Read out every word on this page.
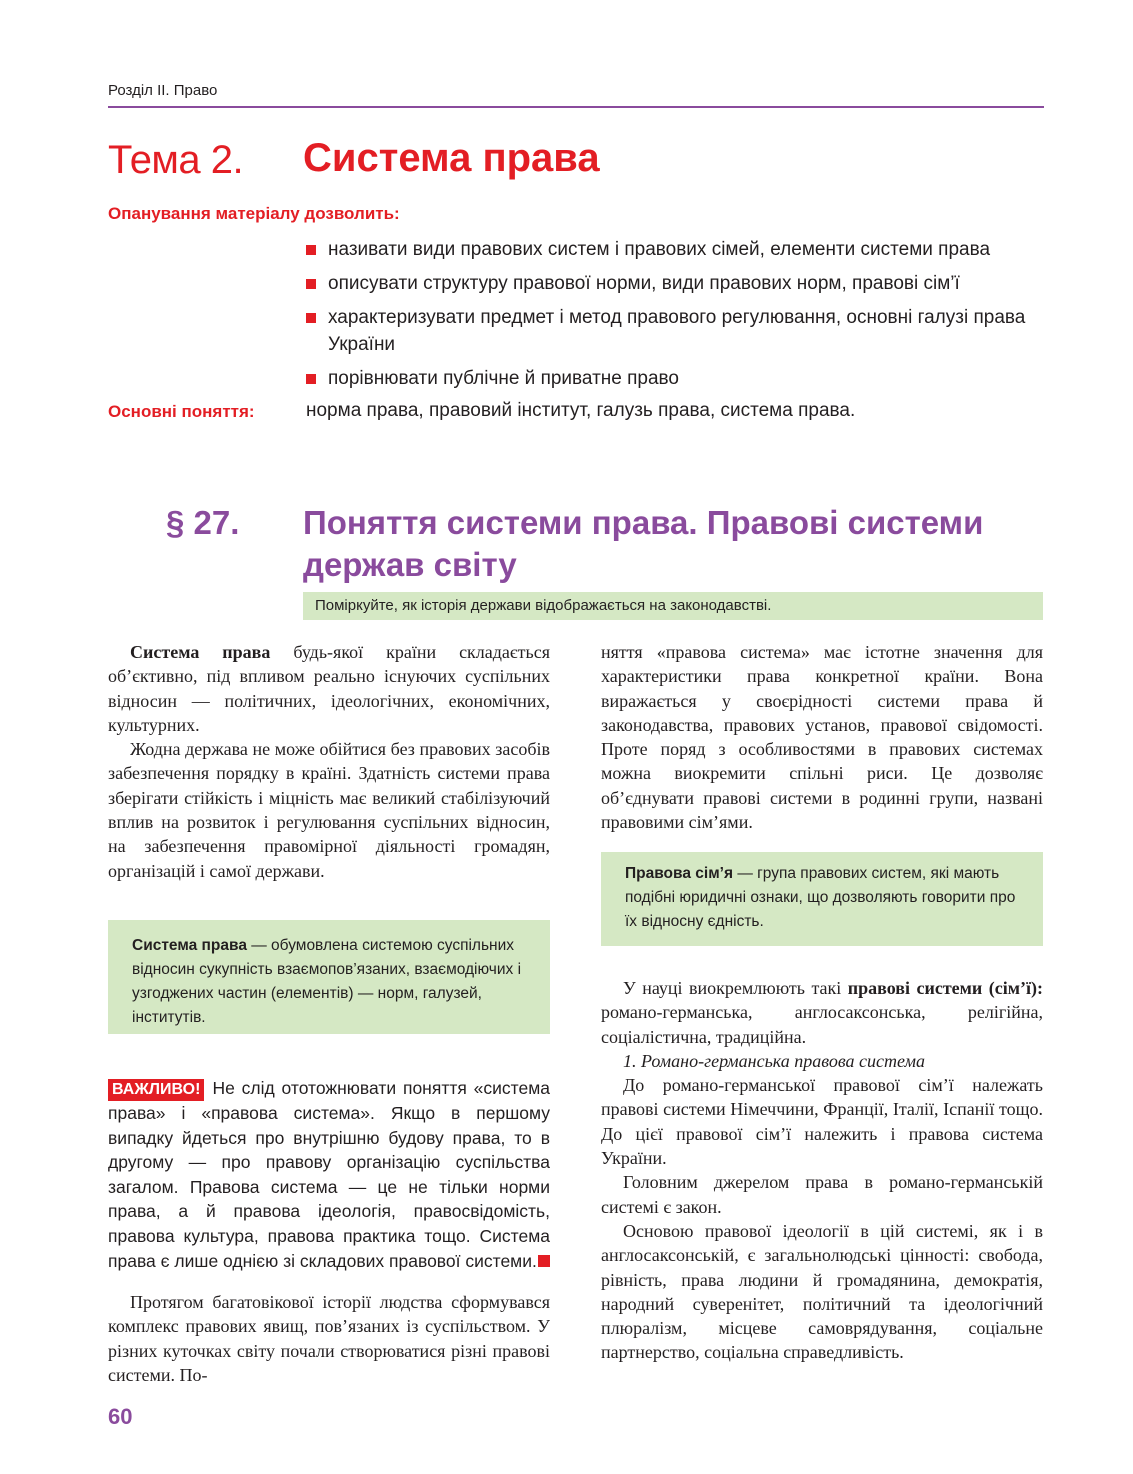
Розділ ІІ. Право
Тема 2. Система права
Опанування матеріалу дозволить:
називати види правових систем і правових сімей, елементи системи права
описувати структуру правової норми, види правових норм, правові сім’ї
характеризувати предмет і метод правового регулювання, основні галузі права України
порівнювати публічне й приватне право
Основні поняття:	норма права, правовий інститут, галузь права, система права.
§ 27. Поняття системи права. Правові системи держав світу
Поміркуйте, як історія держави відображається на законодавстві.

Система права будь-якої країни складається об’єктивно, під впливом реально існуючих суспільних відносин — політичних, ідеологічних, економічних, культурних.

Жодна держава не може обійтися без правових засобів забезпечення порядку в країні. Здатність системи права зберігати стійкість і міцність має великий стабілізуючий вплив на розвиток і регулювання суспільних відносин, на забезпечення правомірної діяльності громадян, організацій і самої держави.

Система права — обумовлена системою суспільних відносин сукупність взаємопов’язаних, взаємодіючих і узгоджених частин (елементів) — норм, галузей, інститутів.
ВАЖЛИВО! Не слід ототожнювати поняття «система права» і «правова система». Якщо в першому випадку йдеться про внутрішню будову права, то в другому — про правову організацію суспільства загалом. Правова система — це не тільки норми права, а й правова ідеологія, правосвідомість, правова культура, правова практика тощо. Система права є лише однією зі складових правової системи.

Протягом багатовікової історії людства сформувався комплекс правових явищ, пов’язаних із суспільством. У різних куточках світу почали створюватися різні правові системи. По-

няття «правова система» має істотне значення для характеристики права конкретної країни. Вона виражається у своєрідності системи права й законодавства, правових установ, правової свідомості. Проте поряд з особливостями в правових системах можна виокремити спільні риси. Це дозволяє об’єднувати правові системи в родинні групи, названі правовими сім’ями.

Правова сім’я — група правових систем, які мають подібні юридичні ознаки, що дозволяють говорити про їх відносну єдність.

У науці виокремлюють такі правові системи (сім’ї): романо-германська, англосаксонська, релігійна, соціалістична, традиційна.

1. Романо-германська правова система

До романо-германської правової сім’ї належать правові системи Німеччини, Франції, Італії, Іспанії тощо. До цієї правової сім’ї належить і правова система України.

Головним джерелом права в романо-германській системі є закон.

Основою правової ідеології в цій системі, як і в англосаксонській, є загальнолюдські цінності: свобода, рівність, права людини й громадянина, демократія, народний суверенітет, політичний та ідеологічний плюралізм, місцеве самоврядування, соціальне партнерство, соціальна справедливість.

60
